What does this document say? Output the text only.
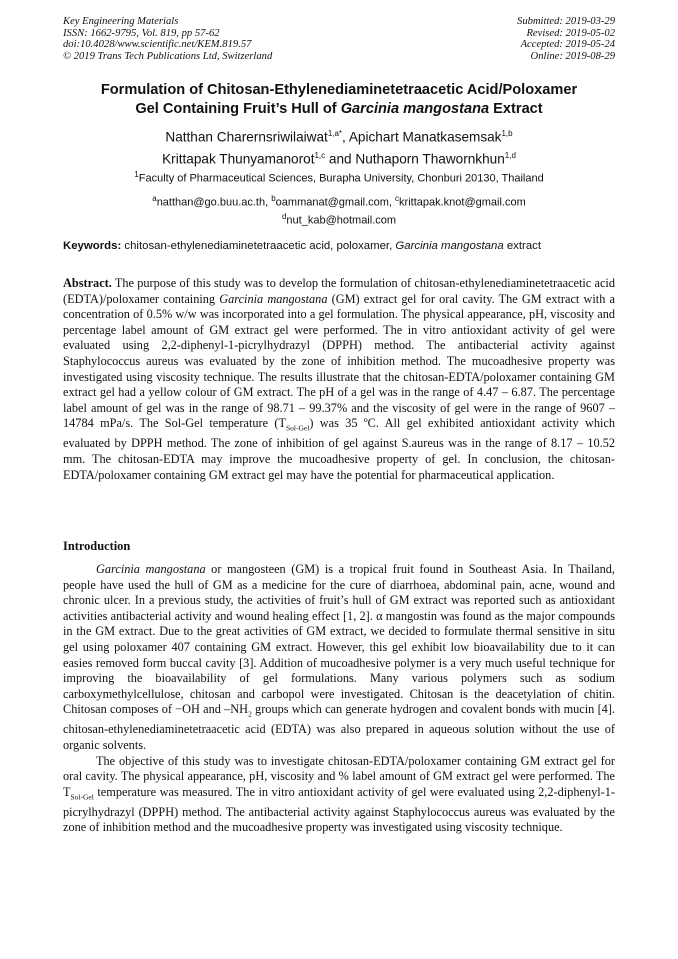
Key Engineering Materials
ISSN: 1662-9795, Vol. 819, pp 57-62
doi:10.4028/www.scientific.net/KEM.819.57
© 2019 Trans Tech Publications Ltd, Switzerland
Submitted: 2019-03-29
Revised: 2019-05-02
Accepted: 2019-05-24
Online: 2019-08-29
Formulation of Chitosan-Ethylenediaminetetraacetic Acid/Poloxamer
Gel Containing Fruit’s Hull of Garcinia mangostana Extract
Natthan Charernsriwilaiwat$^{1,a*}$, Apichart Manatkasemsak$^{1,b}$
Krittapak Thunyamanorot$^{1,c}$ and Nuthaporn Thawornkhun$^{1,d}$
$^1$Faculty of Pharmaceutical Sciences, Burapha University, Chonburi 20130, Thailand
$^a$natthan@go.buu.ac.th, $^b$oammanat@gmail.com, $^c$krittapak.knot@gmail.com
$^d$nut_kab@hotmail.com
Keywords: chitosan-ethylenediaminetetraacetic acid, poloxamer, Garcinia mangostana extract
Abstract. The purpose of this study was to develop the formulation of chitosan-ethylenediaminetetraacetic acid (EDTA)/poloxamer containing Garcinia mangostana (GM) extract gel for oral cavity. The GM extract with a concentration of 0.5% w/w was incorporated into a gel formulation. The physical appearance, pH, viscosity and percentage label amount of GM extract gel were performed. The in vitro antioxidant activity of gel were evaluated using 2,2-diphenyl-1-picrylhydrazyl (DPPH) method. The antibacterial activity against Staphylococcus aureus was evaluated by the zone of inhibition method. The mucoadhesive property was investigated using viscosity technique. The results illustrate that the chitosan-EDTA/poloxamer containing GM extract gel had a yellow colour of GM extract. The pH of a gel was in the range of 4.47 – 6.87. The percentage label amount of gel was in the range of 98.71 – 99.37% and the viscosity of gel were in the range of 9607 – 14784 mPa/s. The Sol-Gel temperature $(T_{Sol-Gel})$ was 35 ºC. All gel exhibited antioxidant activity which evaluated by DPPH method. The zone of inhibition of gel against S.aureus was in the range of 8.17 – 10.52 mm. The chitosan-EDTA may improve the mucoadhesive property of gel. In conclusion, the chitosan-EDTA/poloxamer containing GM extract gel may have the potential for pharmaceutical application.
Introduction

Garcinia mangostana or mangosteen (GM) is a tropical fruit found in Southeast Asia. In Thailand, people have used the hull of GM as a medicine for the cure of diarrhoea, abdominal pain, acne, wound and chronic ulcer. In a previous study, the activities of fruit’s hull of GM extract was reported such as antioxidant activities antibacterial activity and wound healing effect [1, 2]. α mangostin was found as the major compounds in the GM extract. Due to the great activities of GM extract, we decided to formulate thermal sensitive in situ gel using poloxamer 407 containing GM extract. However, this gel exhibit low bioavailability due to it can easies removed form buccal cavity [3]. Addition of mucoadhesive polymer is a very much useful technique for improving the bioavailability of gel formulations. Many various polymers such as sodium carboxymethylcellulose, chitosan and carbopol were investigated. Chitosan is the deacetylation of chitin. Chitosan composes of −OH and $-NH_2$ groups which can generate hydrogen and covalent bonds with mucin [4]. chitosan-ethylenediaminetetraacetic acid (EDTA) was also prepared in aqueous solution without the use of organic solvents.

The objective of this study was to investigate chitosan-EDTA/poloxamer containing GM extract gel for oral cavity. The physical appearance, pH, viscosity and % label amount of GM extract gel were performed. The $T_{Sol-Gel}$ temperature was measured. The in vitro antioxidant activity of gel were evaluated using 2,2-diphenyl-1-picrylhydrazyl (DPPH) method. The antibacterial activity against Staphylococcus aureus was evaluated by the zone of inhibition method and the mucoadhesive property was investigated using viscosity technique.
